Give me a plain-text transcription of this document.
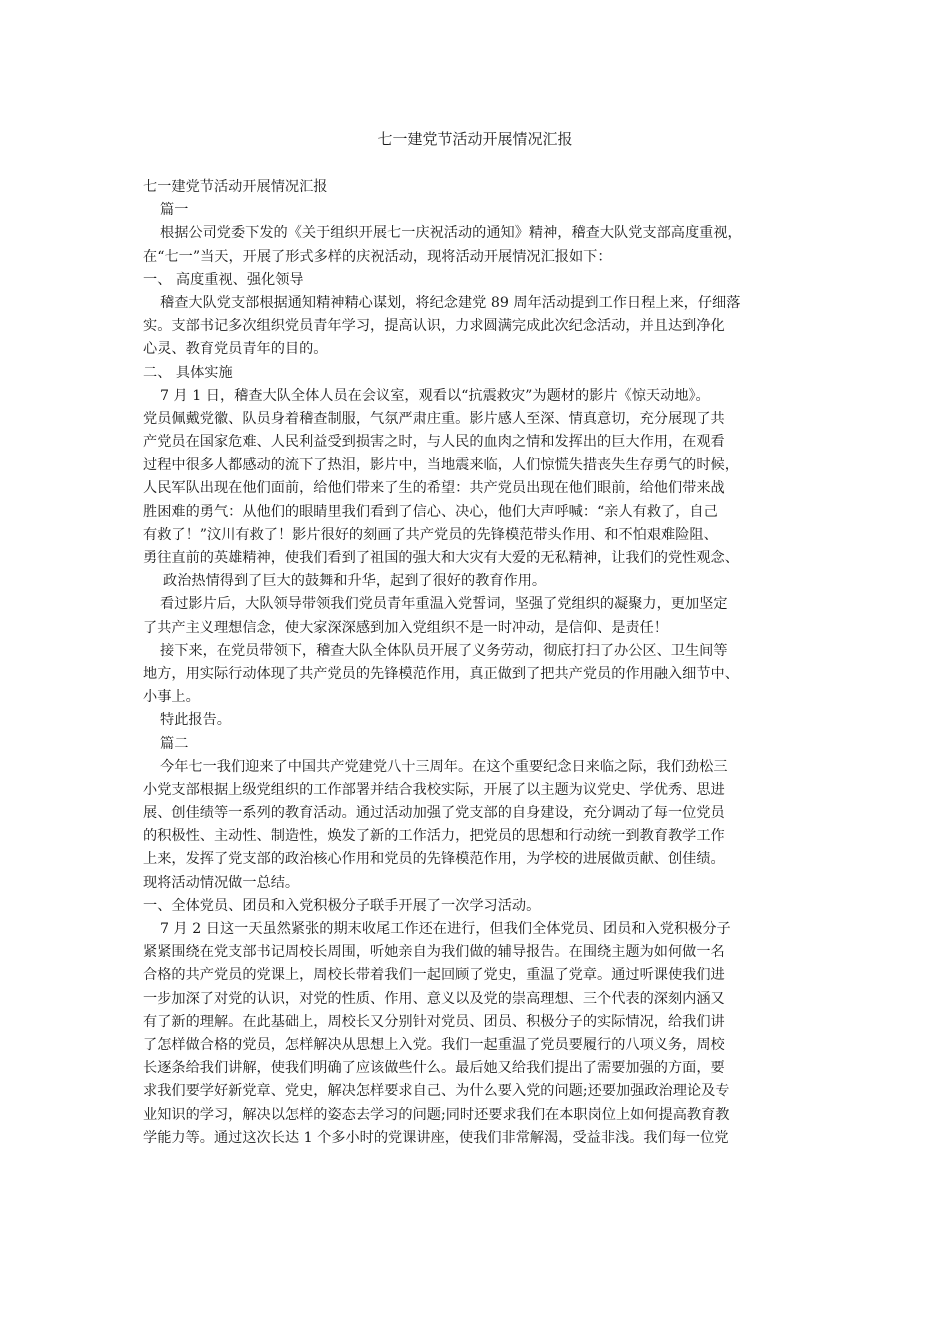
七一建党节活动开展情况汇报
七一建党节活动开展情况汇报
篇一
根据公司党委下发的《关于组织开展七一庆祝活动的通知》精神，稽查大队党支部高度重视，
在“七一”当天，开展了形式多样的庆祝活动，现将活动开展情况汇报如下：
一、 高度重视、强化领导
稽查大队党支部根据通知精神精心谋划，将纪念建党 89 周年活动提到工作日程上来，仔细落
实。支部书记多次组织党员青年学习，提高认识，力求圆满完成此次纪念活动，并且达到净化
心灵、教育党员青年的目的。
二、 具体实施
7 月 1 日，稽查大队全体人员在会议室，观看以“抗震救灾”为题材的影片《惊天动地》。
党员佩戴党徽、队员身着稽查制服，气氛严肃庄重。影片感人至深、情真意切，充分展现了共
产党员在国家危难、人民利益受到损害之时，与人民的血肉之情和发挥出的巨大作用，在观看
过程中很多人都感动的流下了热泪，影片中，当地震来临，人们惊慌失措丧失生存勇气的时候，
人民军队出现在他们面前，给他们带来了生的希望：共产党员出现在他们眼前，给他们带来战
胜困难的勇气：从他们的眼睛里我们看到了信心、决心，他们大声呼喊：“亲人有救了，自己
有救了！”汶川有救了！影片很好的刻画了共产党员的先锋模范带头作用、和不怕艰难险阻、
勇往直前的英雄精神，使我们看到了祖国的强大和大灾有大爱的无私精神，让我们的党性观念、
政治热情得到了巨大的鼓舞和升华，起到了很好的教育作用。
看过影片后，大队领导带领我们党员青年重温入党誓词，坚强了党组织的凝聚力，更加坚定
了共产主义理想信念，使大家深深感到加入党组织不是一时冲动，是信仰、是责任！
接下来，在党员带领下，稽查大队全体队员开展了义务劳动，彻底打扫了办公区、卫生间等
地方，用实际行动体现了共产党员的先锋模范作用，真正做到了把共产党员的作用融入细节中、
小事上。
特此报告。
篇二
今年七一我们迎来了中国共产党建党八十三周年。在这个重要纪念日来临之际，我们劲松三
小党支部根据上级党组织的工作部署并结合我校实际，开展了以主题为议党史、学优秀、思进
展、创佳绩等一系列的教育活动。通过活动加强了党支部的自身建设，充分调动了每一位党员
的积极性、主动性、制造性，焕发了新的工作活力，把党员的思想和行动统一到教育教学工作
上来，发挥了党支部的政治核心作用和党员的先锋模范作用，为学校的进展做贡献、创佳绩。
现将活动情况做一总结。
一、全体党员、团员和入党积极分子联手开展了一次学习活动。
7 月 2 日这一天虽然紧张的期末收尾工作还在进行，但我们全体党员、团员和入党积极分子
紧紧围绕在党支部书记周校长周围，听她亲自为我们做的辅导报告。在围绕主题为如何做一名
合格的共产党员的党课上，周校长带着我们一起回顾了党史，重温了党章。通过听课使我们进
一步加深了对党的认识，对党的性质、作用、意义以及党的崇高理想、三个代表的深刻内涵又
有了新的理解。在此基础上，周校长又分别针对党员、团员、积极分子的实际情况，给我们讲
了怎样做合格的党员，怎样解决从思想上入党。我们一起重温了党员要履行的八项义务，周校
长逐条给我们讲解，使我们明确了应该做些什么。最后她又给我们提出了需要加强的方面，要
求我们要学好新党章、党史，解决怎样要求自己、为什么要入党的问题;还要加强政治理论及专
业知识的学习，解决以怎样的姿态去学习的问题;同时还要求我们在本职岗位上如何提高教育教
学能力等。通过这次长达 1 个多小时的党课讲座，使我们非常解渴，受益非浅。我们每一位党
